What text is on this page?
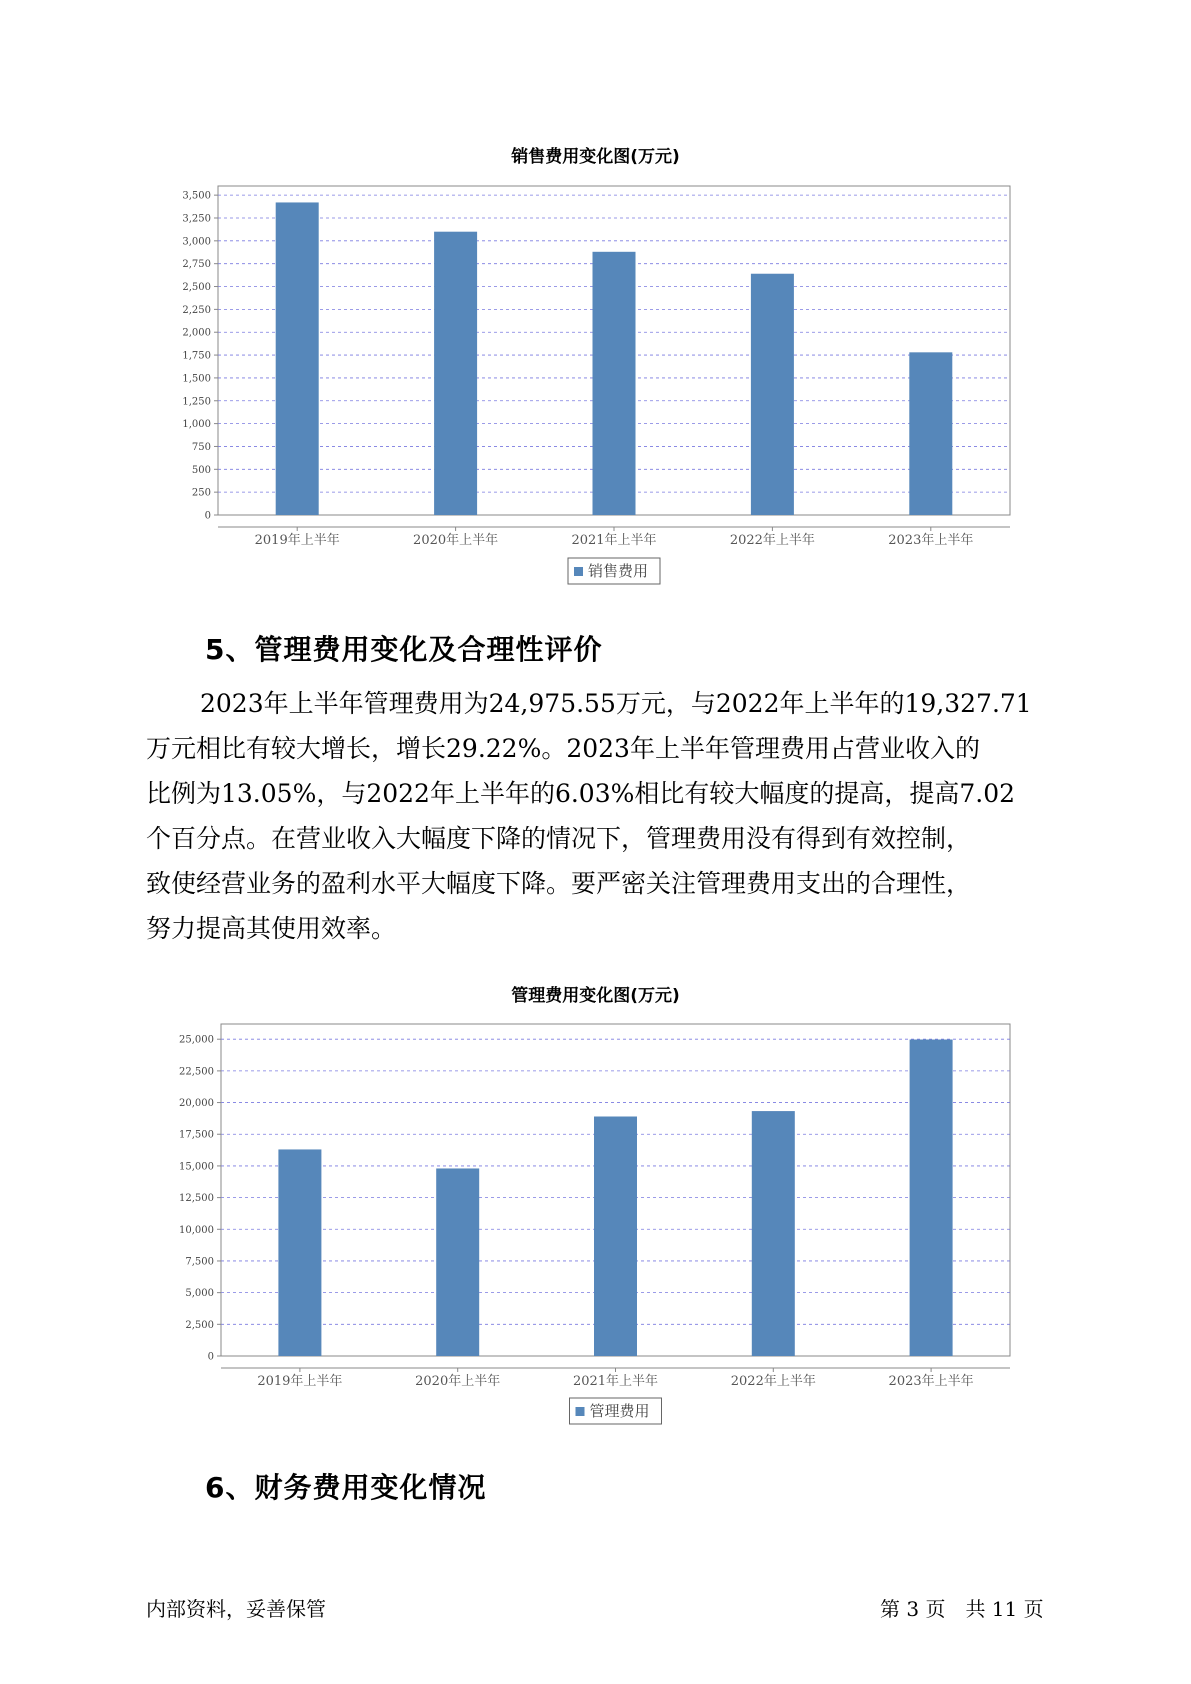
销售费用变化图(万元)
0
250
500
750
1,000
1,250
1,500
1,750
2,000
2,250
2,500
2,750
3,000
3,250
3,500
2019年上半年	2020年上半年	2021年上半年	2022年上半年	2023年上半年
销售费用
5、管理费用变化及合理性评价
2023年上半年管理费用为24,975.55万元，与2022年上半年的19,327.71
万元相比有较大增长，增长29.22%。2023年上半年管理费用占营业收入的
比例为13.05%，与2022年上半年的6.03%相比有较大幅度的提高，提高7.02
个百分点。在营业收入大幅度下降的情况下，管理费用没有得到有效控制，
致使经营业务的盈利水平大幅度下降。要严密关注管理费用支出的合理性，
努力提高其使用效率。
管理费用变化图(万元)
0
2,500
5,000
7,500
10,000
12,500
15,000
17,500
20,000
22,500
25,000
2019年上半年	2020年上半年	2021年上半年	2022年上半年	2023年上半年
管理费用
6、财务费用变化情况
内部资料，妥善保管	第 3 页　共 11 页
